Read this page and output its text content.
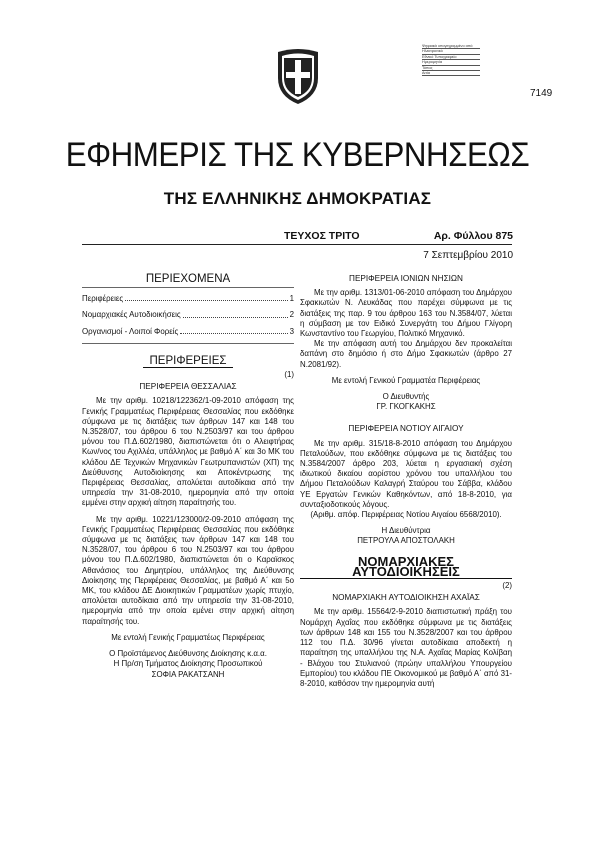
Ψηφιακά υπογεγραμμένο από
Ηλεκτρονικό
Εθνικό Τυπογραφείο
Ημερομηνία
Τόπος
Αιτία
7149
ΕΦΗΜΕΡΙΣ ΤΗΣ ΚΥΒΕΡΝΗΣΕΩΣ
ΤΗΣ ΕΛΛΗΝΙΚΗΣ ΔΗΜΟΚΡΑΤΙΑΣ
ΤΕΥΧΟΣ ΤΡΙΤΟ	Αρ. Φύλλου 875
7 Σεπτεμβρίου 2010
ΠΕΡΙΕΧΟΜΕΝΑ
Περιφέρειες	1
Νομαρχιακές Αυτοδιοικήσεις	2
Οργανισμοί - Λοιποί Φορείς	3
ΠΕΡΙΦΕΡΕΙΕΣ
(1)
ΠΕΡΙΦΕΡΕΙΑ ΘΕΣΣΑΛΙΑΣ

Με την αριθμ. 10218/122362/1-09-2010 απόφαση της Γενικής Γραμματέως Περιφέρειας Θεσσαλίας που εκδόθηκε σύμφωνα με τις διατάξεις των άρθρων 147 και 148 του Ν.3528/07, του άρθρου 6 του Ν.2503/97 και του άρθρου μόνου του Π.Δ.602/1980, διαπιστώνεται ότι ο Αλειφτήρας Κων/νος του Αχιλλέα, υπάλληλος με βαθμό Α΄ και 3ο ΜΚ του κλάδου ΔΕ Τεχνικών Μηχανικών Γεωτρυπανιστών (ΧΠ) της Διεύθυνσης Αυτοδιοίκησης και Αποκέντρωσης της Περιφέρειας Θεσσαλίας, απολύεται αυτοδίκαια από την υπηρεσία την 31-08-2010, ημερομηνία από την οποία εμμένει στην αρχική αίτηση παραίτησής του.

Με την αριθμ. 10221/123000/2-09-2010 απόφαση της Γενικής Γραμματέως Περιφέρειας Θεσσαλίας που εκδόθηκε σύμφωνα με τις διατάξεις των άρθρων 147 και 148 του Ν.3528/07, του άρθρου 6 του Ν.2503/97 και του άρθρου μόνου του Π.Δ.602/1980, διαπιστώνεται ότι ο Καραϊσκος Αθανάσιος του Δημητρίου, υπάλληλος της Διεύθυνσης Διοίκησης της Περιφέρειας Θεσσαλίας, με βαθμό Α΄ και 5ο ΜΚ, του κλάδου ΔΕ Διοικητικών Γραμματέων χωρίς πτυχίο, απολύεται αυτοδίκαια από την υπηρεσία την 31-08-2010, ημερομηνία από την οποία εμένει στην αρχική αίτηση παραίτησής του.

Με εντολή Γενικής Γραμματέως Περιφέρειας
Ο Προϊστάμενος Διεύθυνσης Διοίκησης κ.α.α.
Η Πρ/ση Τμήματος Διοίκησης Προσωπικού
ΣΟΦΙΑ ΡΑΚΑΤΣΑΝΗ
ΠΕΡΙΦΕΡΕΙΑ ΙΟΝΙΩΝ ΝΗΣΙΩΝ

Με την αριθμ. 1313/01-06-2010 απόφαση του Δημάρχου Σφακιωτών Ν. Λευκάδας που παρέχει σύμφωνα με τις διατάξεις της παρ. 9 του άρθρου 163 του Ν.3584/07, λύεται η σύμβαση με τον Ειδικό Συνεργάτη του Δήμου Γλίγορη Κωνσταντίνο του Γεωργίου, Πολιτικό Μηχανικό.

Με την απόφαση αυτή του Δημάρχου δεν προκαλείται δαπάνη στο δημόσιο ή στο Δήμο Σφακιωτών (άρθρο 27 Ν.2081/92).

Με εντολή Γενικού Γραμματέα Περιφέρειας
Ο Διευθυντής
ΓΡ. ΓΚΟΓΚΑΚΗΣ
ΠΕΡΙΦΕΡΕΙΑ ΝΟΤΙΟΥ ΑΙΓΑΙΟΥ

Με την αριθμ. 315/18-8-2010 απόφαση του Δημάρχου Πεταλούδων, που εκδόθηκε σύμφωνα με τις διατάξεις του Ν.3584/2007 άρθρο 203, λύεται η εργασιακή σχέση ιδιωτικού δικαίου αορίστου χρόνου του υπαλλήλου του Δήμου Πεταλούδων Καλαγρή Σταύρου του Σάββα, κλάδου ΥΕ Εργατών Γενικών Καθηκόντων, από 18-8-2010, για συνταξιοδοτικούς λόγους.

(Αριθμ. απόφ. Περιφέρειας Νοτίου Αιγαίου 6568/2010).
Η Διευθύντρια
ΠΕΤΡΟΥΛΑ ΑΠΟΣΤΟΛΑΚΗ
ΝΟΜΑΡΧΙΑΚΕΣ ΑΥΤΟΔΙΟΙΚΗΣΕΙΣ
(2)
ΝΟΜΑΡΧΙΑΚΗ ΑΥΤΟΔΙΟΙΚΗΣΗ ΑΧΑΪΑΣ

Με την αριθμ. 15564/2-9-2010 διαπιστωτική πράξη του Νομάρχη Αχαΐας που εκδόθηκε σύμφωνα με τις διατάξεις των άρθρων 148 και 155 του Ν.3528/2007 και του άρθρου 112 του Π.Δ. 30/96 γίνεται αυτοδίκαια αποδεκτή η παραίτηση της υπαλλήλου της Ν.Α. Αχαΐας Μαρίας Κολίβαη - Βλάχου του Στυλιανού (πρώην υπαλλήλου Υπουργείου Εμπορίου) του κλάδου ΠΕ Οικονομικού με βαθμό Α΄ από 31-8-2010, καθόσον την ημερομηνία αυτή
